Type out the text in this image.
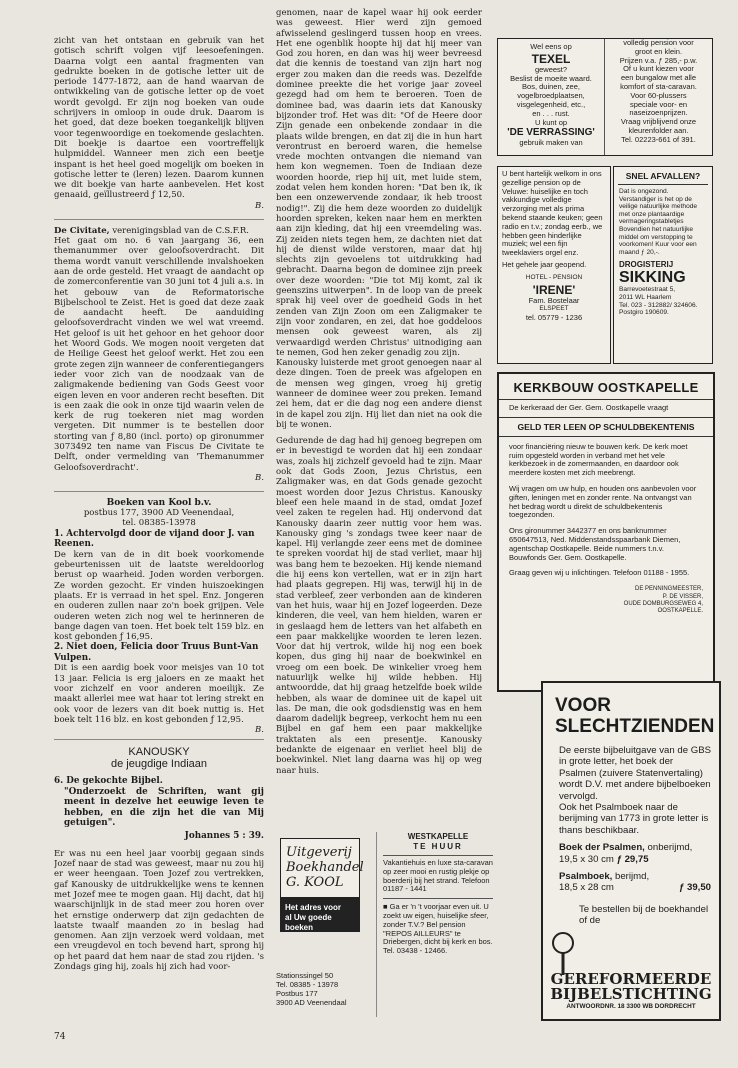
zicht van het ontstaan en gebruik van het gotisch schrift volgen vijf leesoefeningen. Daarna volgt een aantal fragmenten van gedrukte boeken in de gotische letter uit de periode 1477-1872, aan de hand waarvan de ontwikkeling van de gotische letter op de voet wordt gevolgd. Er zijn nog boeken van oude schrijvers in omloop in oude druk. Daarom is het goed, dat deze boeken toegankelijk blijven voor tegenwoordige en toekomende geslachten. Dit boekje is daartoe een voortreffelijk hulpmiddel. Wanneer men zich een beetje inspant is het heel goed mogelijk om boeken in gotische letter te (leren) lezen. Daarom kunnen we dit boekje van harte aanbevelen. Het kost genaaid, geïllustreerd ƒ 12,50.

B.

De Civitate, verenigingsblad van de C.S.F.R.

Het gaat om no. 6 van jaargang 36, een themanummer over geloofsoverdracht. Dit thema wordt vanuit verschillende invalshoeken aan de orde gesteld. Het vraagt de aandacht op de zomerconferentie van 30 juni tot 4 juli a.s. in het gebouw van de Reformatorische Bijbelschool te Zeist. Het is goed dat deze zaak de aandacht heeft. De aanduiding geloofsoverdracht vinden we wel wat vreemd. Het geloof is uit het gehoor en het gehoor door het Woord Gods. We mogen nooit vergeten dat de Heilige Geest het geloof werkt. Het zou een grote zegen zijn wanneer de conferentiegangers ieder voor zich van de noodzaak van de zaligmakende bediening van Gods Geest voor eigen leven en voor anderen recht beseften. Dit is een zaak die ook in onze tijd waarin velen de kerk de rug toekeren niet mag worden vergeten. Dit nummer is te bestellen door storting van ƒ 8,80 (incl. porto) op gironummer 3073492 ten name van Fiscus De Civitate te Delft, onder vermelding van 'Themanummer Geloofsoverdracht'.

B.

Boeken van Kool b.v.

postbus 177, 3900 AD Veenendaal,

tel. 08385-13978

1. Achtervolgd door de vijand door J. van Reenen.

De kern van de in dit boek voorkomende gebeurtenissen uit de laatste wereldoorlog berust op waarheid. Joden worden verborgen. Ze worden gezocht. Er vinden huiszoekingen plaats. Er is verraad in het spel. Enz. Jongeren en ouderen zullen naar zo'n boek grijpen. Vele ouderen weten zich nog wel te herinneren de bange dagen van toen. Het boek telt 159 blz. en kost gebonden ƒ 16,95.

2. Niet doen, Felicia door Truus Bunt-Van Vulpen.

Dit is een aardig boek voor meisjes van 10 tot 13 jaar. Felicia is erg jaloers en ze maakt het voor zichzelf en voor anderen moeilijk. Ze maakt allerlei mee wat haar tot lering strekt en ook voor de lezers van dit boek nuttig is. Het boek telt 116 blz. en kost gebonden ƒ 12,95.

B.

KANOUSKY
de jeugdige Indiaan

6. De gekochte Bijbel.

"Onderzoekt de Schriften, want gij meent in dezelve het eeuwige leven te hebben, en die zijn het die van Mij getuigen".

Johannes 5 : 39.

Er was nu een heel jaar voorbij gegaan sinds Jozef naar de stad was geweest, maar nu zou hij er weer heengaan. Toen Jozef zou vertrekken, gaf Kanousky de uitdrukkelijke wens te kennen met Jozef mee te mogen gaan. Hij dacht, dat hij waarschijnlijk in de stad meer zou horen over het ernstige onderwerp dat zijn gedachten de laatste twaalf maanden zo in beslag had genomen. Aan zijn verzoek werd voldaan, met een vreugdevol en toch bevend hart, sprong hij op het paard dat hem naar de stad zou rijden. 's Zondags ging hij, zoals hij zich had voor-

genomen, naar de kapel waar hij ook eerder was geweest. Hier werd zijn gemoed afwisselend geslingerd tussen hoop en vrees. Het ene ogenblik hoopte hij dat hij meer van God zou horen, en dan was hij weer bevreesd dat die kennis de toestand van zijn hart nog erger zou maken dan die reeds was. Dezelfde dominee preekte die het vorige jaar zoveel gezegd had om hem te beroeren. Toen de dominee bad, was daarin iets dat Kanousky bijzonder trof. Het was dit: "Of de Heere door Zijn genade een onbekende zondaar in die plaats wilde brengen, en dat zij die in hun hart verontrust en beroerd waren, die hemelse vrede mochten ontvangen die niemand van hem kon wegnemen. Toen de Indiaan deze woorden hoorde, riep hij uit, met luide stem, zodat velen hem konden horen: "Dat ben ik, ik ben een onzewervende zondaar, ik heb troost nodig!". Zij die hem deze woorden zo duidelijk hoorden spreken, keken naar hem en merkten aan zijn kleding, dat hij een vreemdeling was. Zij zeiden niets tegen hem, ze dachten niet dat hij de dienst wilde verstoren, maar dat hij slechts zijn gevoelens tot uitdrukking had gebracht. Daarna begon de dominee zijn preek over deze woorden: "Die tot Mij komt, zal ik geenszins uitwerpen". In de loop van de preek sprak hij veel over de goedheid Gods in het zenden van Zijn Zoon om een Zaligmaker te zijn voor zondaren, en zei, dat hoe goddeloos mensen ook geweest waren, als zij verwaardigd werden Christus' uitnodiging aan te nemen, God hen zeker genadig zou zijn.

Kanousky luisterde met groot genoegen naar al deze dingen. Toen de preek was afgelopen en de mensen weg gingen, vroeg hij gretig wanneer de dominee weer zou preken. Iemand zei hem, dat er die dag nog een andere dienst in de kapel zou zijn. Hij liet dan niet na ook die bij te wonen.

Gedurende de dag had hij genoeg begrepen om er in bevestigd te worden dat hij een zondaar was, zoals hij zichzelf gevoeld had te zijn. Maar ook dat Gods Zoon, Jezus Christus, een Zaligmaker was, en dat Gods genade gezocht moest worden door Jezus Christus. Kanousky bleef een hele maand in de stad, omdat Jozef veel zaken te regelen had. Hij ondervond dat Kanousky daarin zeer nuttig voor hem was. Kanousky ging 's zondags twee keer naar de kapel. Hij verlangde zeer eens met de dominee te spreken voordat hij de stad verliet, maar hij was bang hem te bezoeken. Hij kende niemand die hij eens kon vertellen, wat er in zijn hart had plaats gegrepen. Hij was, terwijl hij in de stad verbleef, zeer verbonden aan de kinderen van het huis, waar hij en Jozef logeerden. Deze kinderen, die veel, van hem hielden, waren er in geslaagd hem de letters van het alfabeth en een paar makkelijke woorden te leren lezen. Voor dat hij vertrok, wilde hij nog een boek kopen, dus ging hij naar de boekwinkel en vroeg om een boek. De winkelier vroeg hem natuurlijk welke hij wilde hebben. Hij antwoordde, dat hij graag hetzelfde boek wilde hebben, als waar de dominee uit de kapel uit las. De man, die ook godsdienstig was en hem daarom dadelijk begreep, verkocht hem nu een Bijbel en gaf hem een paar makkelijke traktaten als een presentje. Kanousky bedankte de eigenaar en verliet heel blij de boekwinkel. Niet lang daarna was hij op weg naar huis.

Wel eens op
TEXEL
geweest?
Beslist de moeite waard.
Bos, duinen, zee, vogelbroedplaatsen,
visgelegenheid, etc.,
en . . . rust.
U kunt op
'DE VERRASSING'
gebruik maken van
volledig pension voor
groot en klein.
Prijzen v.a. ƒ 285,- p.w.
Of u kunt kiezen voor
een bungalow met alle
komfort of sta-caravan.
Voor 60-plussers
speciale voor- en
naseizoenprijzen.
Vraag vrijblijvend onze
kleurenfolder aan.
Tel. 02223-661 of 391.
U bent hartelijk welkom in ons gezellige pension op de Veluwe: huiselijke en toch vakkundige volledige verzorging met als prima bekend staande keuken; geen radio en t.v.; zondag eerb., we hebben geen hinderlijke muziek; wel een fijn tweeklaviers orgel enz.
Het gehele jaar geopend.
HOTEL - PENSION
'IRENE'
Fam. Bostelaar
ELSPEET
tel. 05779 - 1236
SNEL AFVALLEN?
Dat is ongezond. Verstandiger is het op de veilige natuurlijke methode met onze plantaardige vermageringstabletjes Bovendien het natuurlijke middel om verstopping te voorkomen! Kuur voor een maand ƒ 20,-.
DROGISTERIJ
SIKKING
Barrevoetestraat 5,
2011 WL Haarlem
Tel. 023 - 312882/ 324606.
Postgiro 190609.
KERKBOUW OOSTKAPELLE
De kerkeraad der Ger. Gem. Oostkapelle vraagt
GELD TER LEEN OP SCHULDBEKENTENIS
voor financiëring nieuw te bouwen kerk. De kerk moet ruim opgesteld worden in verband met het vele kerkbezoek in de zomermaanden, en daardoor ook meerdere kosten met zich meebrengt.
Wij vragen om uw hulp, en houden ons aanbevolen voor giften, leningen met en zonder rente. Na ontvangst van het bedrag wordt u direkt de schuldbekentenis toegezonden.
Ons gironummer 3442377 en ons banknummer 650647513, Ned. Middenstandsspaarbank Diemen, agentschap Oostkapelle. Beide nummers t.n.v. Bouwfonds Ger. Gem. Oostkapelle.
Graag geven wij u inlichtingen. Telefoon 01188 - 1955.
DE PENNINGMEESTER,
P. DE VISSER,
OUDE DOMBURGSEWEG 4,
OOSTKAPELLE.
VOOR
SLECHTZIENDEN
De eerste bijbeluitgave van de GBS in grote letter, het boek der Psalmen (zuivere Statenvertaling) wordt D.V. met andere bijbelboeken vervolgd.
Ook het Psalmboek naar de berijming van 1773 in grote letter is thans beschikbaar.
Boek der Psalmen, onberijmd, 19,5 x 30 cm ƒ 29,75
Psalmboek, berijmd,
18,5 x 28 cm	ƒ 39,50
Te bestellen bij de boekhandel of de
GEREFORMEERDE
BIJBELSTICHTING
ANTWOORDNR. 18 3300 WB DORDRECHT
Uitgeverij
Boekhandel
G. KOOL
Het adres voor
al Uw goede boeken
Stationssingel 50
Tel. 08385 - 13978
Postbus 177
3900 AD Veenendaal
WESTKAPELLE
TE HUUR
Vakantiehuis en luxe sta-caravan op zeer mooi en rustig plekje op boerderij bij het strand. Telefoon 01187 - 1441
■ Ga er 'n 't voorjaar even uit. U zoekt uw eigen, huiselijke sfeer, zonder T.V.? Bel pension "REPOS AILLEURS" te Driebergen, dicht bij kerk en bos. Tel. 03438 - 12466.
74
